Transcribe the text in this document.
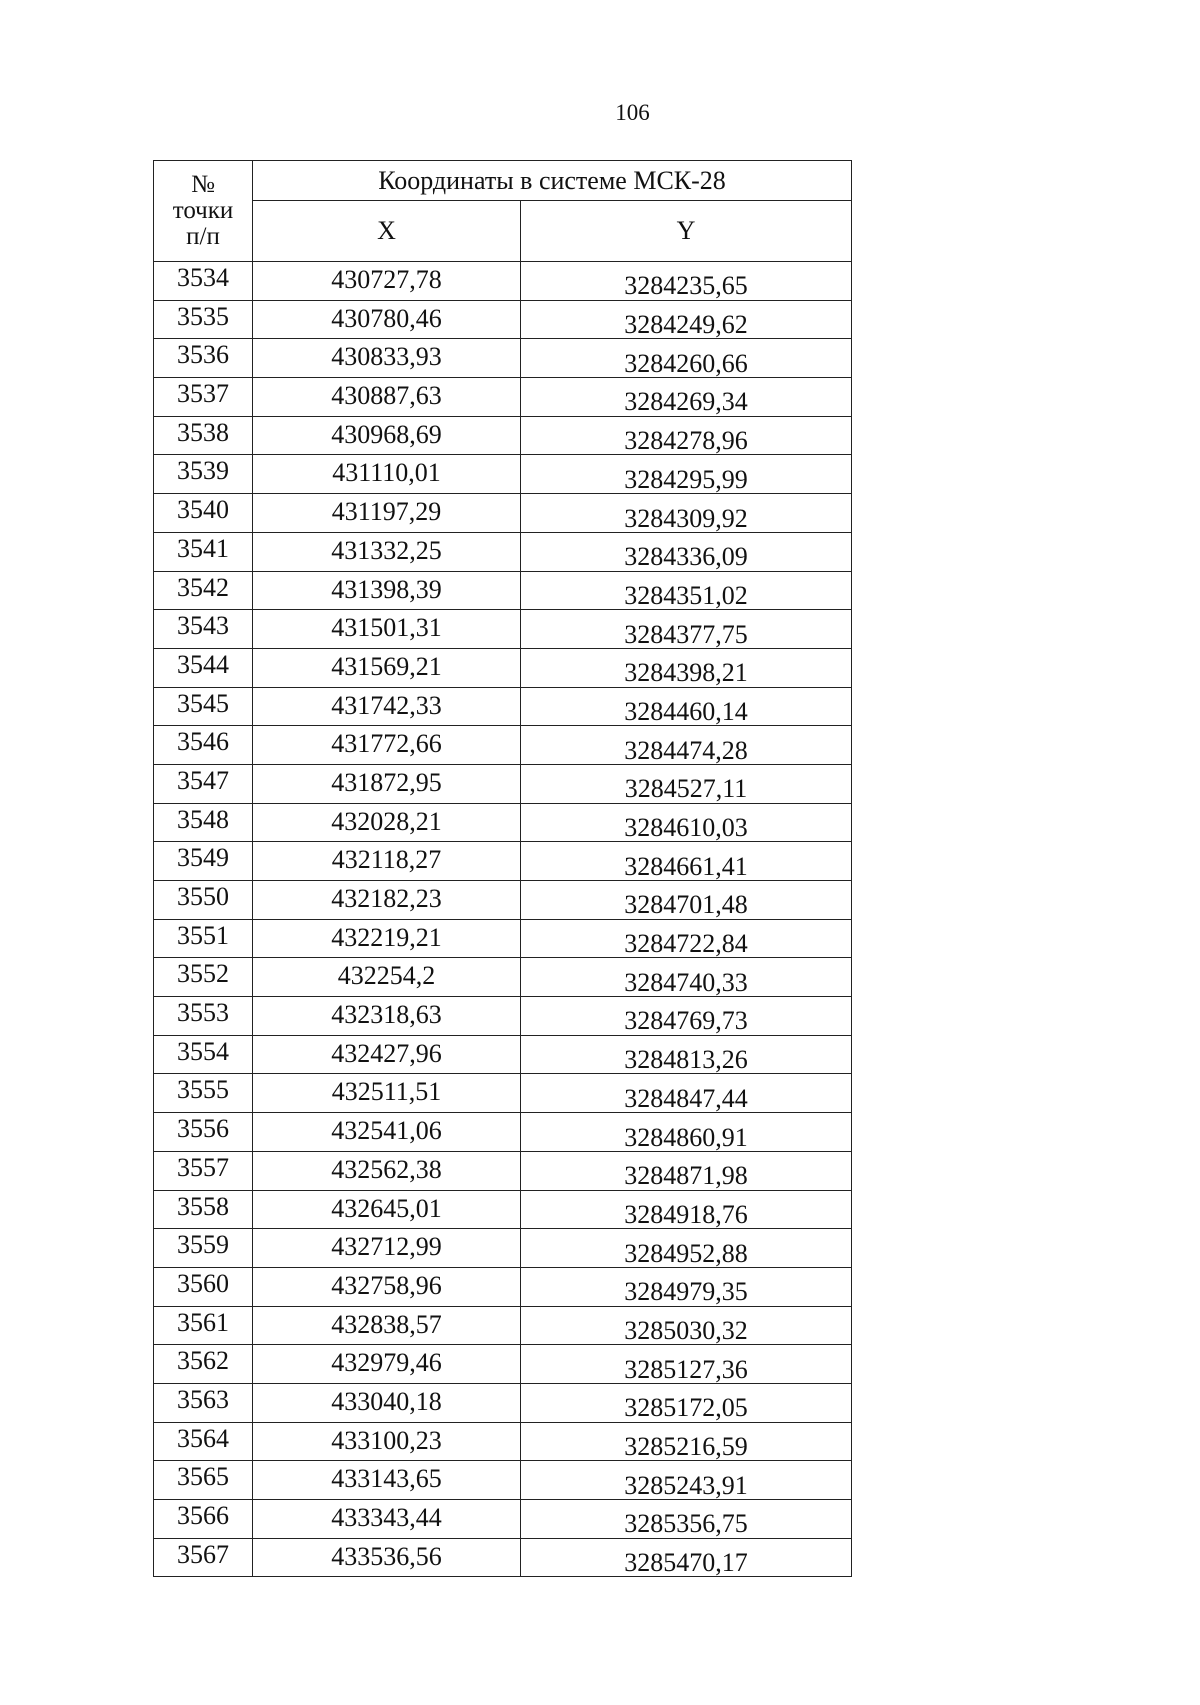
106
№
точки
п/п	Координаты в системе МСК-28	
	X	Y
3534	430727,78	3284235,65
3535	430780,46	3284249,62
3536	430833,93	3284260,66
3537	430887,63	3284269,34
3538	430968,69	3284278,96
3539	431110,01	3284295,99
3540	431197,29	3284309,92
3541	431332,25	3284336,09
3542	431398,39	3284351,02
3543	431501,31	3284377,75
3544	431569,21	3284398,21
3545	431742,33	3284460,14
3546	431772,66	3284474,28
3547	431872,95	3284527,11
3548	432028,21	3284610,03
3549	432118,27	3284661,41
3550	432182,23	3284701,48
3551	432219,21	3284722,84
3552	432254,2	3284740,33
3553	432318,63	3284769,73
3554	432427,96	3284813,26
3555	432511,51	3284847,44
3556	432541,06	3284860,91
3557	432562,38	3284871,98
3558	432645,01	3284918,76
3559	432712,99	3284952,88
3560	432758,96	3284979,35
3561	432838,57	3285030,32
3562	432979,46	3285127,36
3563	433040,18	3285172,05
3564	433100,23	3285216,59
3565	433143,65	3285243,91
3566	433343,44	3285356,75
3567	433536,56	3285470,17
